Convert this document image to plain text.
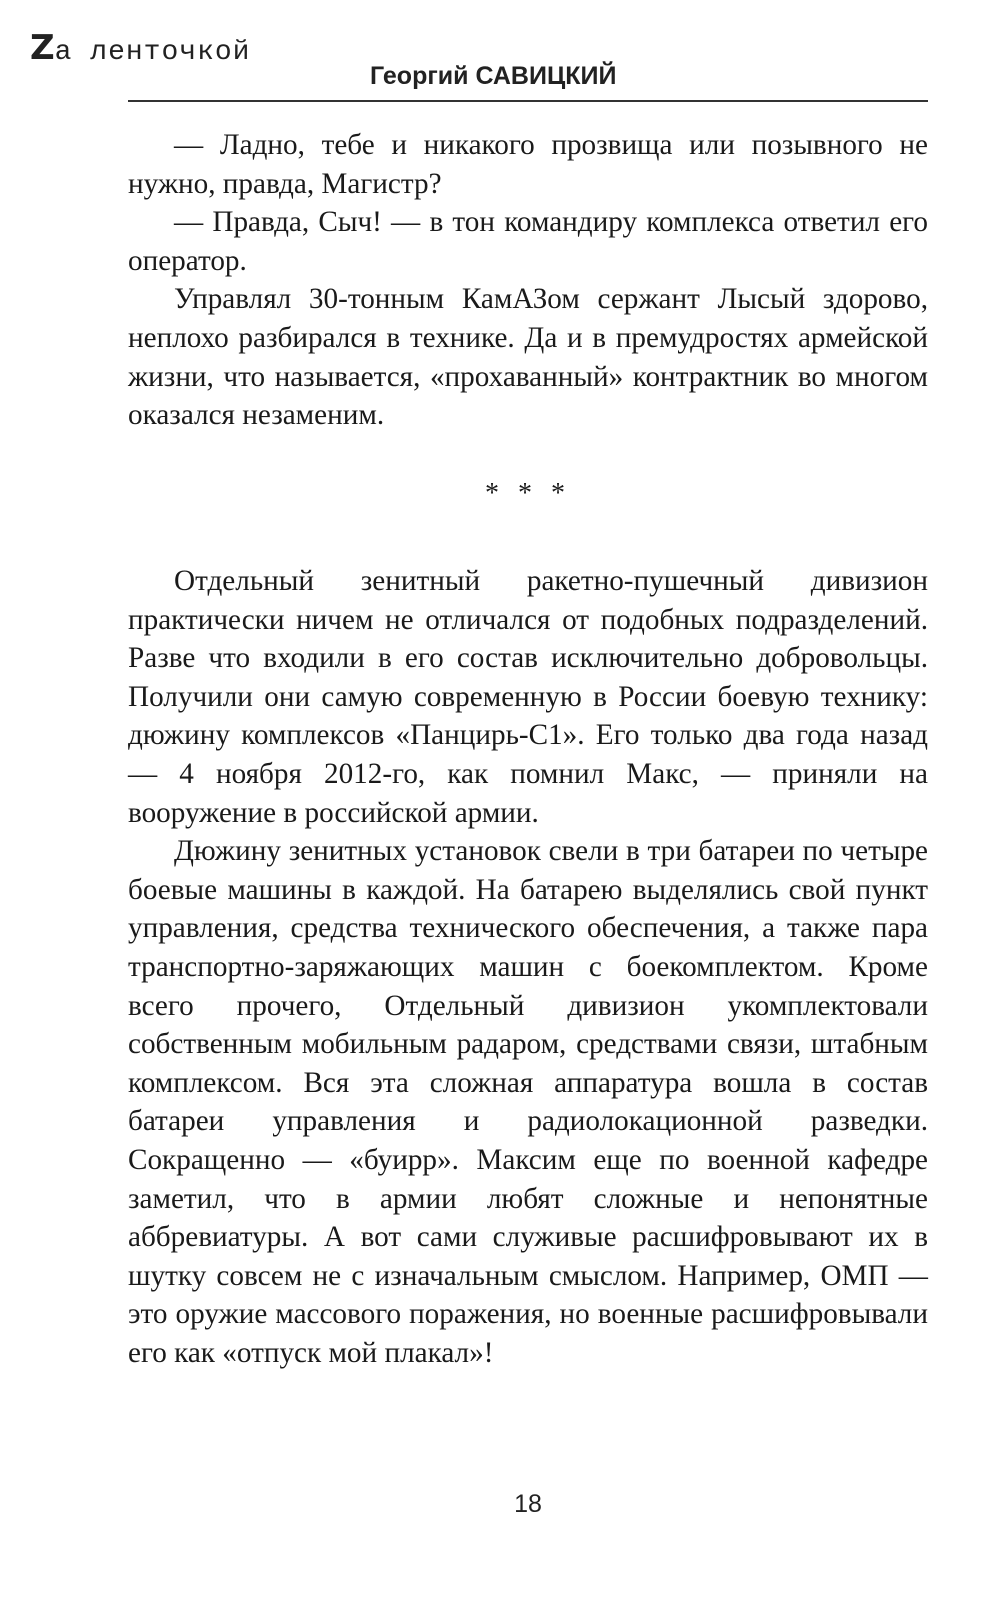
Zа ленточкой
Георгий САВИЦКИЙ

— Ладно, тебе и никакого прозвища или позывного не нужно, правда, Магистр?

— Правда, Сыч! — в тон командиру комплекса ответил его оператор.

Управлял 30-тонным КамАЗом сержант Лысый здорово, неплохо разбирался в технике. Да и в премудростях армейской жизни, что называется, «прохаванный» контрактник во многом оказался незаменим.

* * *

Отдельный зенитный ракетно-пушечный дивизион практически ничем не отличался от подобных подразделений. Разве что входили в его состав исключительно добровольцы. Получили они самую современную в России боевую технику: дюжину комплексов «Панцирь-С1». Его только два года назад — 4 ноября 2012-го, как помнил Макс, — приняли на вооружение в российской армии.

Дюжину зенитных установок свели в три батареи по четыре боевые машины в каждой. На батарею выделялись свой пункт управления, средства технического обеспечения, а также пара транспортно-заряжающих машин с боекомплектом. Кроме всего прочего, Отдельный дивизион укомплектовали собственным мобильным радаром, средствами связи, штабным комплексом. Вся эта сложная аппаратура вошла в состав батареи управления и радиолокационной разведки. Сокращенно — «буирр». Максим еще по военной кафедре заметил, что в армии любят сложные и непонятные аббревиатуры. А вот сами служивые расшифровывают их в шутку совсем не с изначальным смыслом. Например, ОМП — это оружие массового поражения, но военные расшифровывали его как «отпуск мой плакал»!

18
